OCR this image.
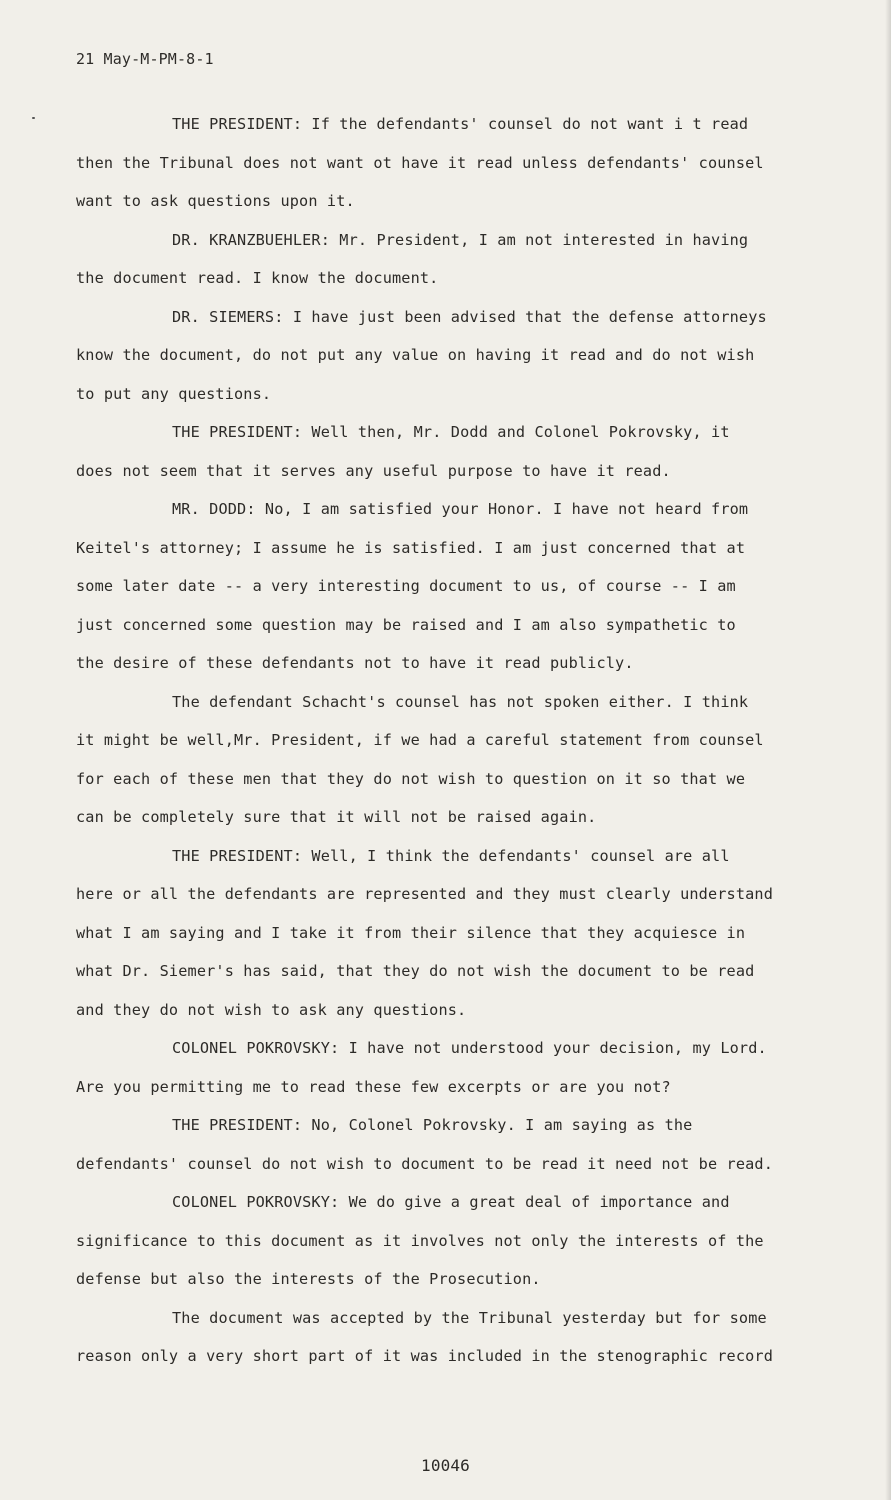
21 May-M-PM-8-1
THE PRESIDENT: If the defendants' counsel do not want i t read
then the Tribunal does not want ot have it read unless defendants' counsel
want to ask questions upon it.
DR. KRANZBUEHLER: Mr. President, I am not interested in having
the document read. I know the document.
DR. SIEMERS: I have just been advised that the defense attorneys
know the document, do not put any value on having it read and do not wish
to put any questions.
THE PRESIDENT: Well then, Mr. Dodd and Colonel Pokrovsky, it
does not seem that it serves any useful purpose to have it read.
MR. DODD: No, I am satisfied your Honor. I have not heard from
Keitel's attorney; I assume he is satisfied. I am just concerned that at
some later date -- a very interesting document to us, of course -- I am
just concerned some question may be raised and I am also sympathetic to
the desire of these defendants not to have it read publicly.
The defendant Schacht's counsel has not spoken either. I think
it might be well,Mr. President, if we had a careful statement from counsel
for each of these men that they do not wish to question on it so that we
can be completely sure that it will not be raised again.
THE PRESIDENT: Well, I think the defendants' counsel are all
here or all the defendants are represented and they must clearly understand
what I am saying and I take it from their silence that they acquiesce in
what Dr. Siemer's has said, that they do not wish the document to be read
and they do not wish to ask any questions.
COLONEL POKROVSKY: I have not understood your decision, my Lord.
Are you permitting me to read these few excerpts or are you not?
THE PRESIDENT: No, Colonel Pokrovsky. I am saying as the
defendants' counsel do not wish to document to be read it need not be read.
COLONEL POKROVSKY: We do give a great deal of importance and
significance to this document as it involves not only the interests of the
defense but also the interests of the Prosecution.
The document was accepted by the Tribunal yesterday but for some
reason only a very short part of it was included in the stenographic record
10046
